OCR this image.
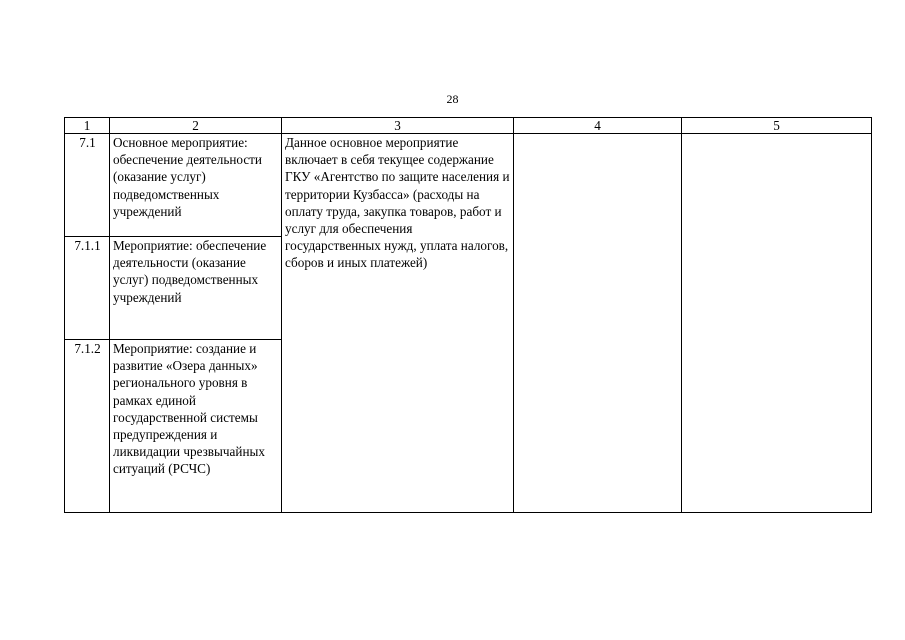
28
1	2	3	4	5
7.1	Основное мероприятие: обеспечение деятельности (оказание услуг) подведомственных учреждений	Данное основное мероприятие включает в себя текущее содержание ГКУ «Агентство по защите населения и территории Кузбасса» (расходы на оплату труда, закупка товаров, работ и услуг для обеспечения государственных нужд, уплата налогов, сборов и иных платежей)		
7.1.1	Мероприятие: обеспечение деятельности (оказание услуг) подведомственных учреждений			
7.1.2	Мероприятие: создание и развитие «Озера данных» регионального уровня в рамках единой государственной системы предупреждения и ликвидации чрезвычайных ситуаций (РСЧС)			
